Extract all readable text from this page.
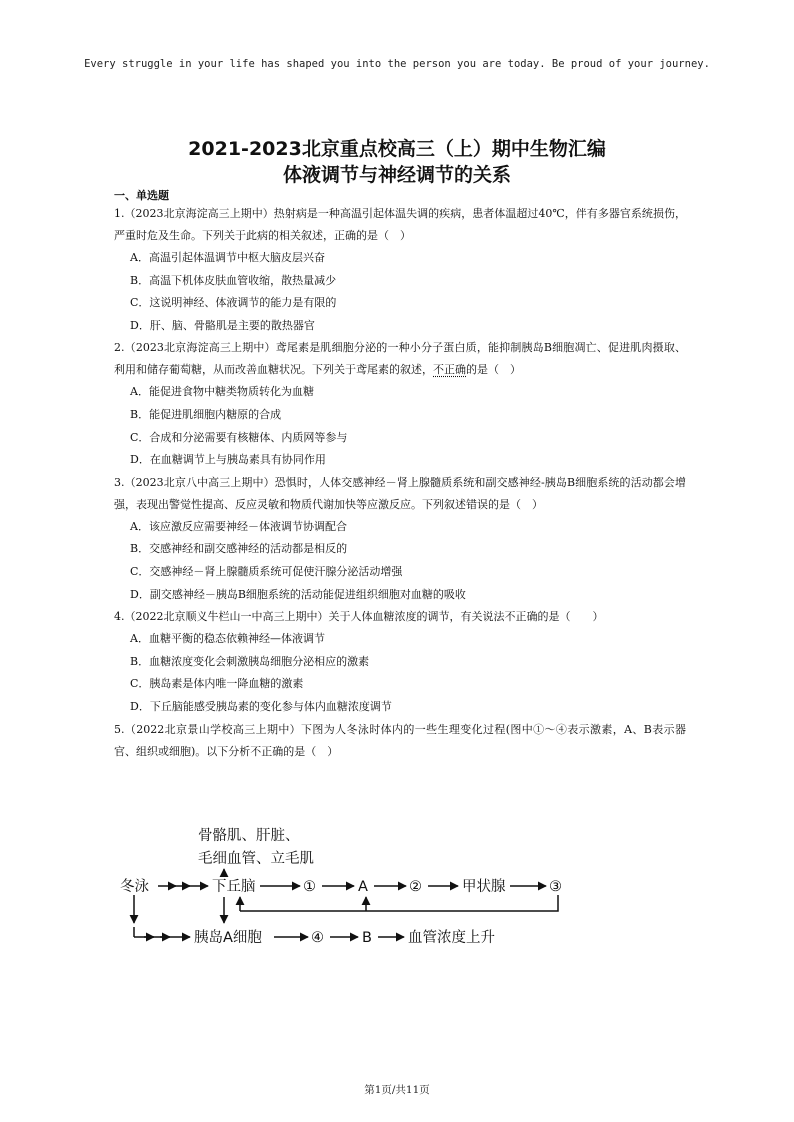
Every struggle in your life has shaped you into the person you are today. Be proud of your journey.
2021-2023北京重点校高三（上）期中生物汇编
体液调节与神经调节的关系
一、单选题
1.（2023北京海淀高三上期中）热射病是一种高温引起体温失调的疾病，患者体温超过40℃，伴有多器官系统损伤，严重时危及生命。下列关于此病的相关叙述，正确的是（　）
A．高温引起体温调节中枢大脑皮层兴奋
B．高温下机体皮肤血管收缩，散热量减少
C．这说明神经、体液调节的能力是有限的
D．肝、脑、骨骼肌是主要的散热器官
2.（2023北京海淀高三上期中）鸢尾素是肌细胞分泌的一种小分子蛋白质，能抑制胰岛B细胞凋亡、促进肌肉摄取、利用和储存葡萄糖，从而改善血糖状况。下列关于鸢尾素的叙述，不正确的是（　）
A．能促进食物中糖类物质转化为血糖
B．能促进肌细胞内糖原的合成
C．合成和分泌需要有核糖体、内质网等参与
D．在血糖调节上与胰岛素具有协同作用
3.（2023北京八中高三上期中）恐惧时，人体交感神经－肾上腺髓质系统和副交感神经-胰岛B细胞系统的活动都会增强，表现出警觉性提高、反应灵敏和物质代谢加快等应激反应。下列叙述错误的是（　）
A．该应激反应需要神经－体液调节协调配合
B．交感神经和副交感神经的活动都是相反的
C．交感神经－肾上腺髓质系统可促使汗腺分泌活动增强
D．副交感神经－胰岛B细胞系统的活动能促进组织细胞对血糖的吸收
4.（2022北京顺义牛栏山一中高三上期中）关于人体血糖浓度的调节，有关说法不正确的是（　　）
A．血糖平衡的稳态依赖神经—体液调节
B．血糖浓度变化会刺激胰岛细胞分泌相应的激素
C．胰岛素是体内唯一降血糖的激素
D．下丘脑能感受胰岛素的变化参与体内血糖浓度调节
5.（2022北京景山学校高三上期中）下图为人冬泳时体内的一些生理变化过程(图中①～④表示激素，A、B表示器官、组织或细胞)。以下分析不正确的是（　）
骨骼肌、肝脏、
毛细血管、立毛肌
冬泳	下丘脑	①	A	②	甲状腺	③
胰岛A细胞	④	B 血管浓度上升
第1页/共11页
